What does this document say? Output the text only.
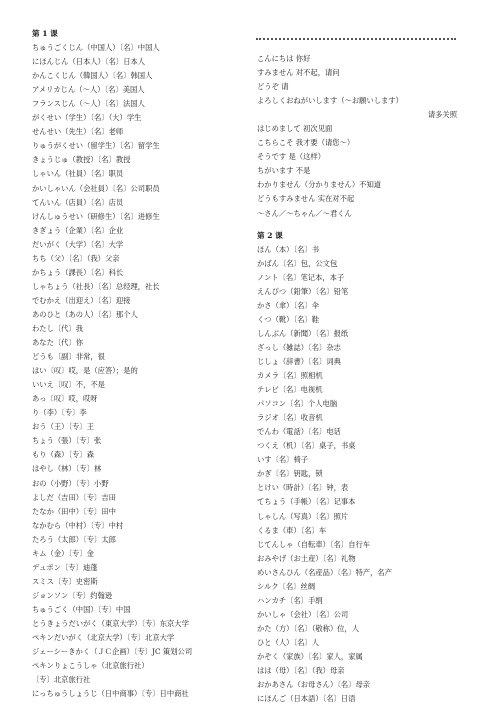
第 1 课
ちゅうごくじん（中国人）〔名〕中国人
にほんじん（日本人）〔名〕日本人
かんこくじん（韓国人）〔名〕韩国人
アメリカじん（～人）〔名〕美国人
フランスじん（～人）〔名〕法国人
がくせい（学生）〔名〕（大）学生
せんせい（先生）〔名〕老师
りゅうがくせい（留学生）〔名〕留学生
きょうじゅ（教授）〔名〕教授
しゃいん（社員）〔名〕职员
かいしゃいん（会社員）〔名〕公司职员
てんいん（店員）〔名〕店员
けんしゅうせい（研修生）〔名〕进修生
きぎょう（企業）〔名〕企业
だいがく（大学）〔名〕大学
ちち（父）〔名〕（我）父亲
かちょう（課長）〔名〕科长
しゃちょう（社長）〔名〕总经理，社长
でむかえ（出迎え）〔名〕迎接
あのひと（あの人）〔名〕那个人
わたし〔代〕我
あなた〔代〕你
どうも〔副〕非常，很
はい〔叹〕哎，是（应答）；是的
いいえ〔叹〕不，不是
あっ〔叹〕哎，哎呀
り（李）〔专〕李
おう（王）〔专〕王
ちょう（張）〔专〕张
もり（森）〔专〕森
はやし（林）〔专〕林
おの（小野）〔专〕小野
よしだ（吉田）〔专〕吉田
たなか（田中）〔专〕田中
なかむら（中村）〔专〕中村
たろう（太郎）〔专〕太郎
キム（金）〔专〕金
デュポン〔专〕迪蓬
スミス〔专〕史密斯
ジョンソン〔专〕约翰逊
ちゅうごく（中国）〔专〕中国
とうきょうだいがく（東京大学）〔专〕东京大学
ペキンだいがく（北京大学）〔专〕北京大学
ジェーシーきかく（ＪＣ企画）〔专〕JC 策划公司
ペキンりょこうしゃ（北京旅行社）
〔专〕北京旅行社
にっちゅうしょうじ（日中商事）〔专〕日中商社
こんにちは 你好
すみません 对不起，请问
どうぞ 请
よろしくおねがいします（～お願いします）
请多关照
はじめまして 初次见面
こちらこそ 我才要（请您～）
そうです 是（这样）
ちがいます 不是
わかりません（分かりません）不知道
どうもすみません 实在对不起
～さん／～ちゃん／～君くん
第 2 课
ほん（本）〔名〕书
かばん〔名〕包，公文包
ノント〔名〕笔记本，本子
えんぴつ（鉛筆）〔名〕铅笔
かさ（傘）〔名〕伞
くつ（靴）〔名〕鞋
しんぶん（新聞）〔名〕报纸
ざっし（雑誌）〔名〕杂志
じしょ（辞書）〔名〕词典
カメラ〔名〕照相机
テレビ〔名〕电视机
パソコン〔名〕个人电脑
ラジオ〔名〕收音机
でんわ（電話）〔名〕电话
つくえ（机）〔名〕桌子，书桌
いす〔名〕椅子
かぎ〔名〕钥匙，锁
とけい（時計）〔名〕钟，表
てちょう（手帳）〔名〕记事本
しゃしん（写真）〔名〕照片
くるま（車）〔名〕车
じてんしゃ（自転車）〔名〕自行车
おみやげ（お土産）〔名〕礼物
めいさんひん（名産品）〔名〕特产，名产
シルク〔名〕丝绸
ハンカチ〔名〕手绢
かいしゃ（会社）〔名〕公司
かた（方）〔名〕（敬称）位，人
ひと（人）〔名〕人
かぞく（家族）〔名〕家人，家属
はは（母）〔名〕（我）母亲
おかあさん（お母さん）〔名〕母亲
にほんご（日本語）〔名〕日语
